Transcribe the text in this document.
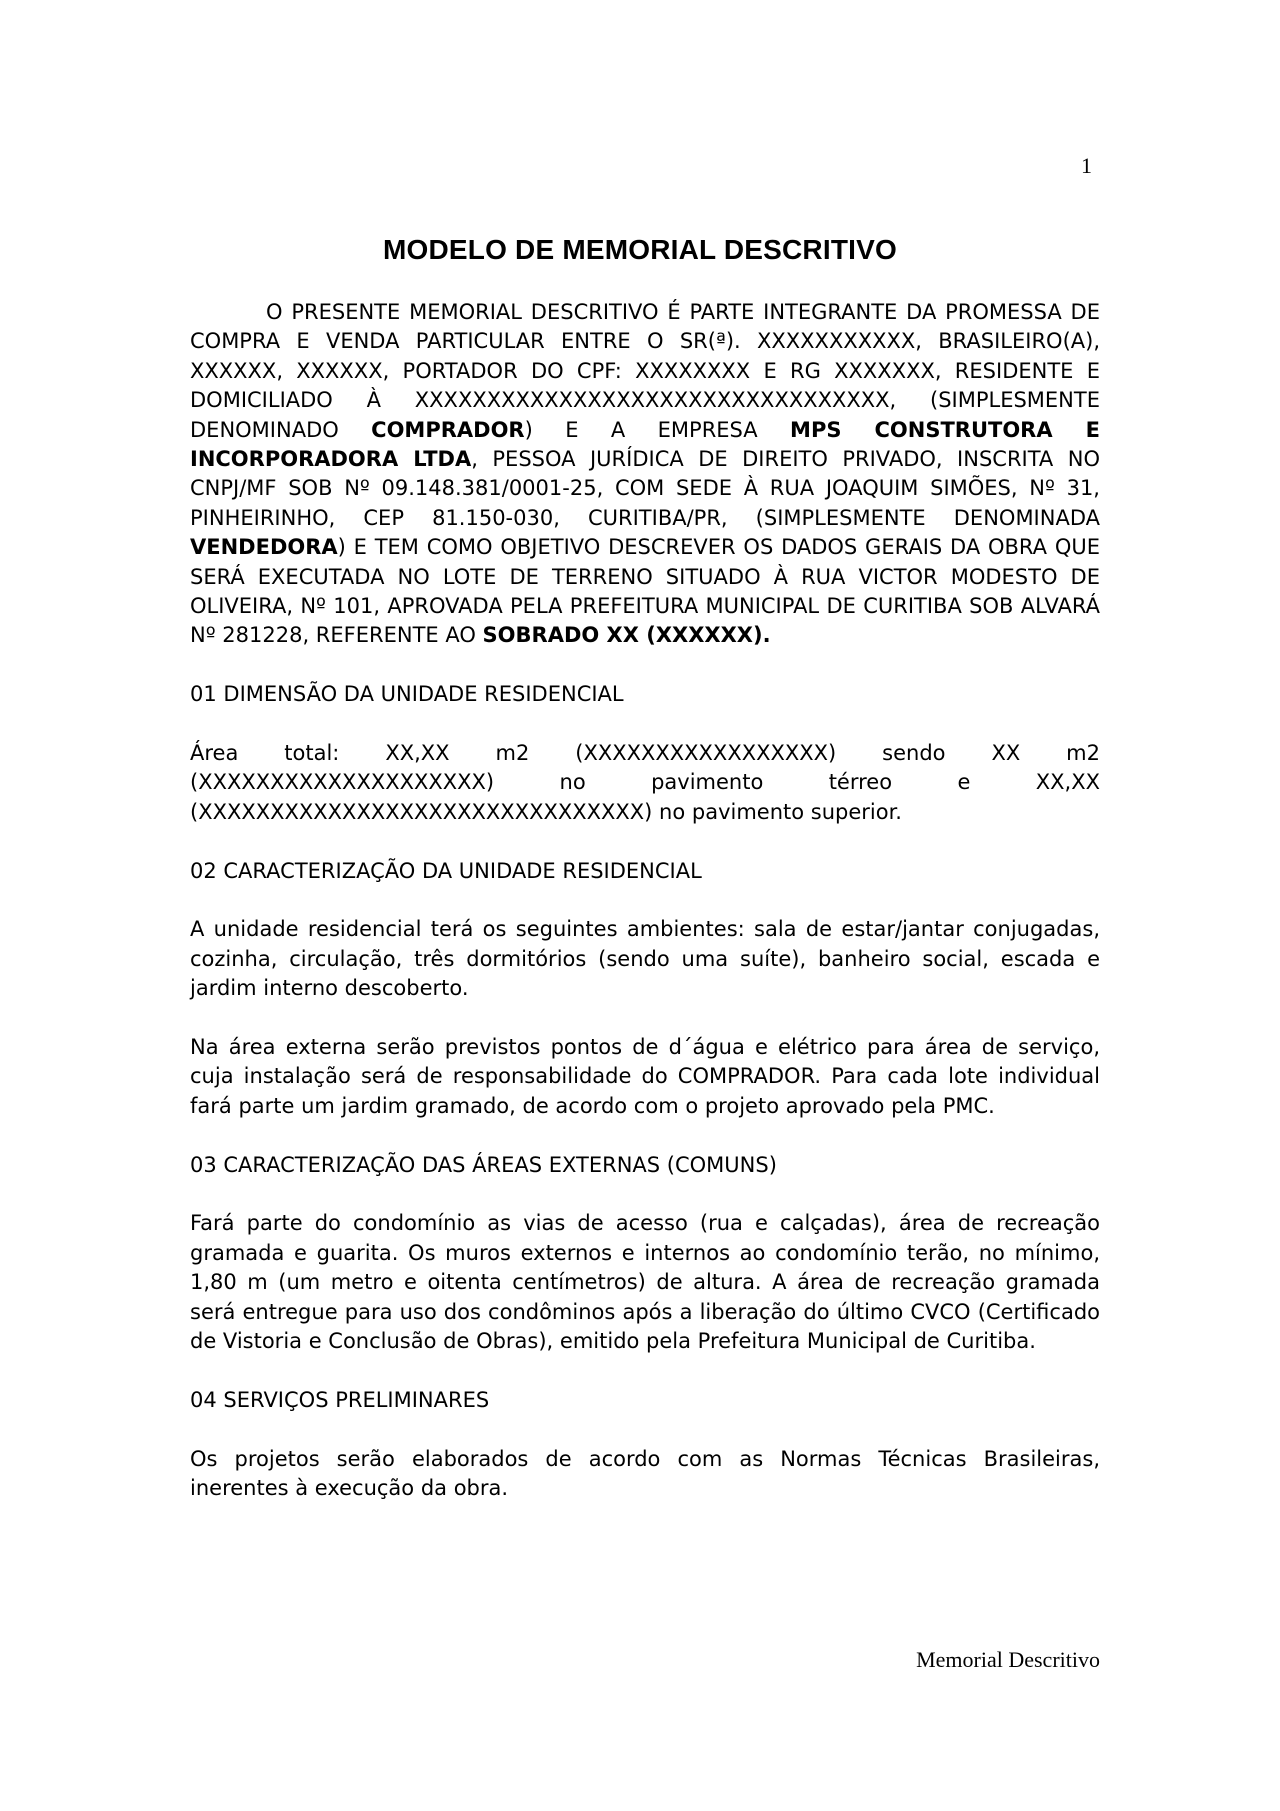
1
MODELO DE MEMORIAL DESCRITIVO

O PRESENTE MEMORIAL DESCRITIVO É PARTE INTEGRANTE DA PROMESSA DE COMPRA E VENDA PARTICULAR ENTRE O SR(ª). XXXXXXXXXXX, BRASILEIRO(A), XXXXXX, XXXXXX, PORTADOR DO CPF: XXXXXXXX E RG XXXXXXX, RESIDENTE E DOMICILIADO À XXXXXXXXXXXXXXXXXXXXXXXXXXXXXXXXX, (SIMPLESMENTE DENOMINADO COMPRADOR) E A EMPRESA MPS CONSTRUTORA E INCORPORADORA LTDA, PESSOA JURÍDICA DE DIREITO PRIVADO, INSCRITA NO CNPJ/MF SOB Nº 09.148.381/0001-25, COM SEDE À RUA JOAQUIM SIMÕES, Nº 31, PINHEIRINHO, CEP 81.150-030, CURITIBA/PR, (SIMPLESMENTE DENOMINADA VENDEDORA) E TEM COMO OBJETIVO DESCREVER OS DADOS GERAIS DA OBRA QUE SERÁ EXECUTADA NO LOTE DE TERRENO SITUADO À RUA VICTOR MODESTO DE OLIVEIRA, Nº 101, APROVADA PELA PREFEITURA MUNICIPAL DE CURITIBA SOB ALVARÁ Nº 281228, REFERENTE AO SOBRADO XX (XXXXXX).

01 DIMENSÃO DA UNIDADE RESIDENCIAL

Área total: XX,XX m2 (XXXXXXXXXXXXXXXXX) sendo XX m2 (XXXXXXXXXXXXXXXXXXXX) no pavimento térreo e XX,XX (XXXXXXXXXXXXXXXXXXXXXXXXXXXXXXX) no pavimento superior.

02 CARACTERIZAÇÃO DA UNIDADE RESIDENCIAL

A unidade residencial terá os seguintes ambientes: sala de estar/jantar conjugadas, cozinha, circulação, três dormitórios (sendo uma suíte), banheiro social, escada e jardim interno descoberto.

Na área externa serão previstos pontos de d´água e elétrico para área de serviço, cuja instalação será de responsabilidade do COMPRADOR. Para cada lote individual fará parte um jardim gramado, de acordo com o projeto aprovado pela PMC.

03 CARACTERIZAÇÃO DAS ÁREAS EXTERNAS (COMUNS)

Fará parte do condomínio as vias de acesso (rua e calçadas), área de recreação gramada e guarita. Os muros externos e internos ao condomínio terão, no mínimo, 1,80 m (um metro e oitenta centímetros) de altura. A área de recreação gramada será entregue para uso dos condôminos após a liberação do último CVCO (Certificado de Vistoria e Conclusão de Obras), emitido pela Prefeitura Municipal de Curitiba.

04 SERVIÇOS PRELIMINARES

Os projetos serão elaborados de acordo com as Normas Técnicas Brasileiras, inerentes à execução da obra.

Memorial Descritivo
